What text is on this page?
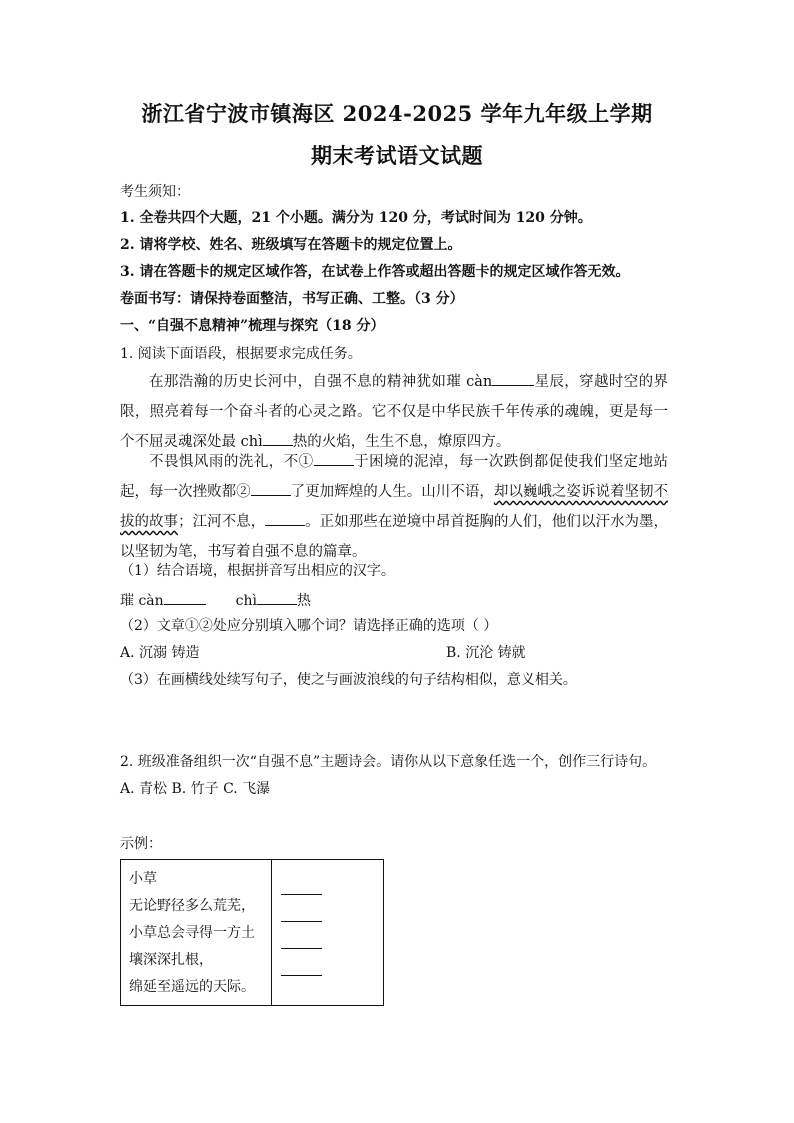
浙江省宁波市镇海区 2024-2025 学年九年级上学期
期末考试语文试题
考生须知：
1. 全卷共四个大题，21 个小题。满分为 120 分，考试时间为 120 分钟。
2. 请将学校、姓名、班级填写在答题卡的规定位置上。
3. 请在答题卡的规定区域作答，在试卷上作答或超出答题卡的规定区域作答无效。
卷面书写：请保持卷面整洁，书写正确、工整。（3 分）
一、“自强不息精神”梳理与探究（18 分）
1. 阅读下面语段，根据要求完成任务。
在那浩瀚的历史长河中，自强不息的精神犹如璀 càn	星辰，穿越时空的界限，照亮着每一个奋斗者的心灵之路。它不仅是中华民族千年传承的魂魄，更是每一个不屈灵魂深处最 chì 热的火焰，生生不息，燎原四方。
不畏惧风雨的洗礼，不①	于困境的泥淖，每一次跌倒都促使我们坚定地站起，每一次挫败都②	了更加辉煌的人生。山川不语，却以巍峨之姿诉说着坚韧不拔的故事；江河不息，	。正如那些在逆境中昂首挺胸的人们，他们以汗水为墨，以坚韧为笔，书写着自强不息的篇章。
（1）结合语境，根据拼音写出相应的汉字。
璀 càn	chì	热
（2）文章①②处应分别填入哪个词？请选择正确的选项（ ）
A. 沉溺 铸造	B. 沉沦 铸就
（3）在画横线处续写句子，使之与画波浪线的句子结构相似，意义相关。
2. 班级准备组织一次“自强不息”主题诗会。请你从以下意象任选一个，创作三行诗句。
A. 青松 B. 竹子 C. 飞瀑
示例：
小草
无论野径多么荒芜，
小草总会寻得一方土
壤深深扎根，
绵延至遥远的天际。
